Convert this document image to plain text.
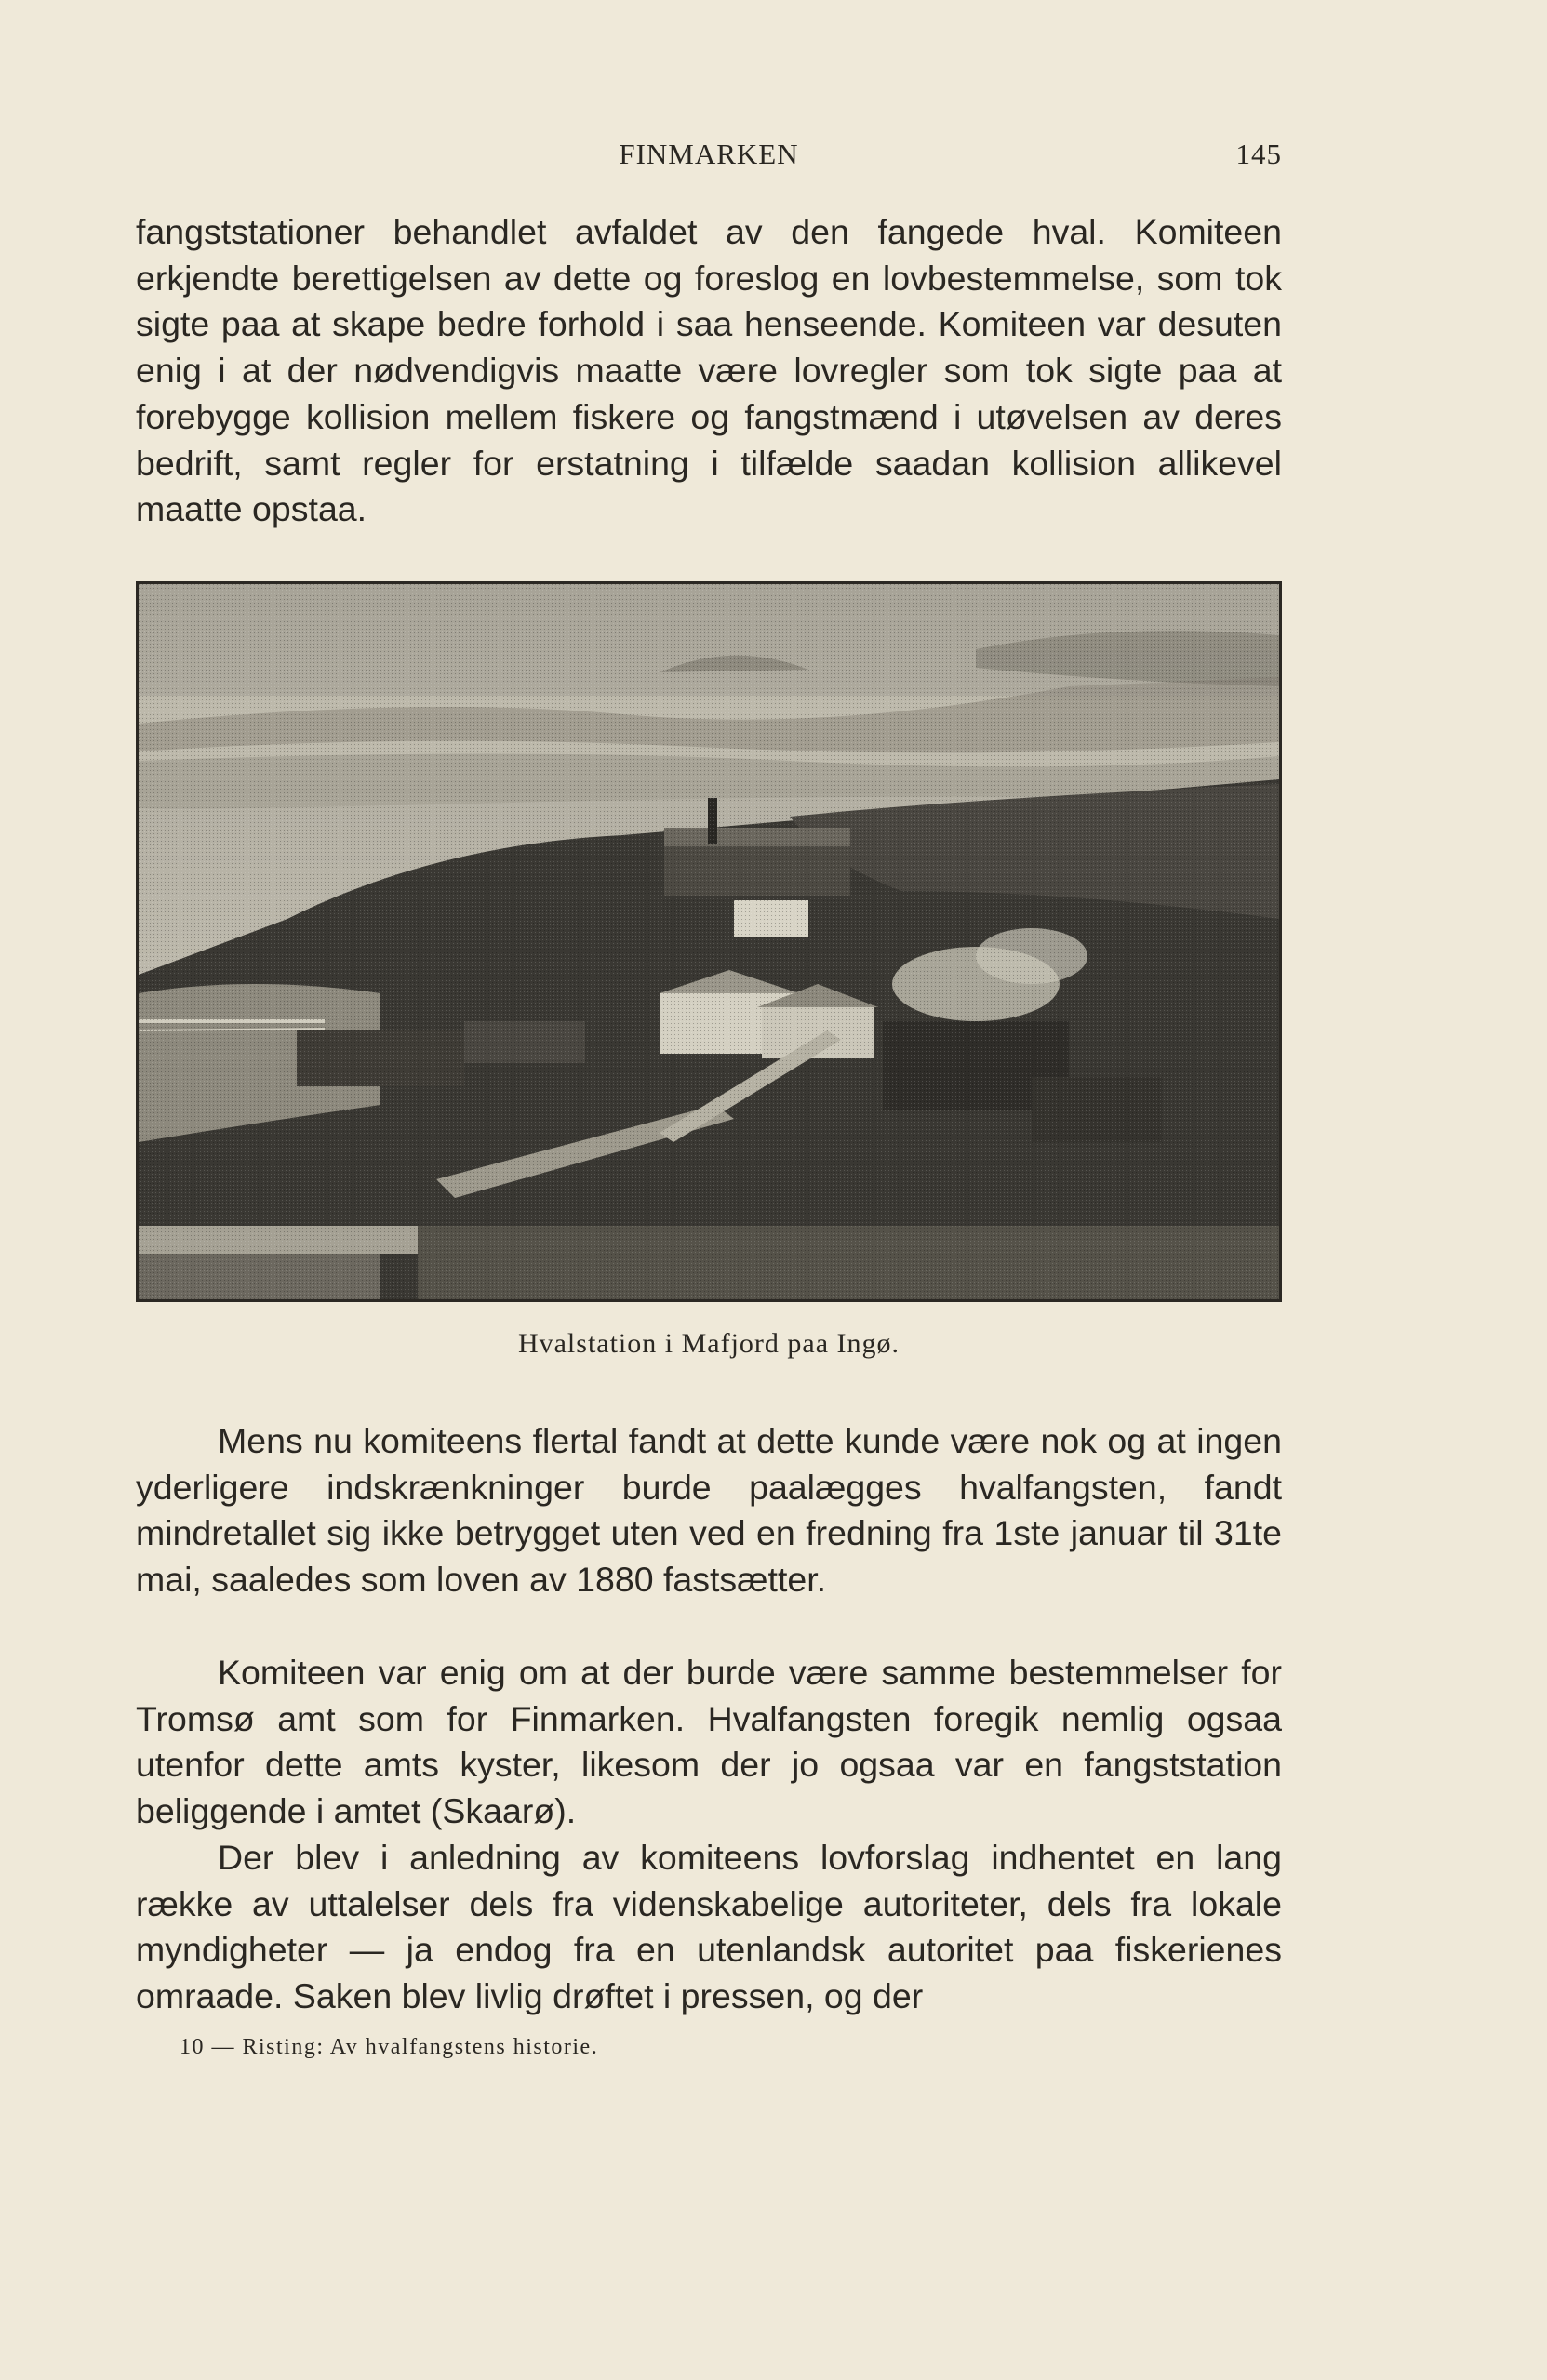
FINMARKEN	145

fangststationer behandlet avfaldet av den fangede hval. Komiteen erkjendte berettigelsen av dette og foreslog en lovbestemmelse, som tok sigte paa at skape bedre forhold i saa henseende. Komiteen var desuten enig i at der nødvendigvis maatte være lovregler som tok sigte paa at forebygge kollision mellem fiskere og fangstmænd i utøvelsen av deres bedrift, samt regler for erstatning i tilfælde saadan kollision allikevel maatte opstaa.

Hvalstation i Mafjord paa Ingø.

Mens nu komiteens flertal fandt at dette kunde være nok og at ingen yderligere indskrænkninger burde paalægges hvalfangsten, fandt mindretallet sig ikke betrygget uten ved en fredning fra 1ste januar til 31te mai, saaledes som loven av 1880 fastsætter.

Komiteen var enig om at der burde være samme bestemmelser for Tromsø amt som for Finmarken. Hvalfangsten foregik nemlig ogsaa utenfor dette amts kyster, likesom der jo ogsaa var en fangststation beliggende i amtet (Skaarø).

Der blev i anledning av komiteens lovforslag indhentet en lang række av uttalelser dels fra videnskabelige autoriteter, dels fra lokale myndigheter — ja endog fra en utenlandsk autoritet paa fiskerienes omraade. Saken blev livlig drøftet i pressen, og der

10 — Risting: Av hvalfangstens historie.
